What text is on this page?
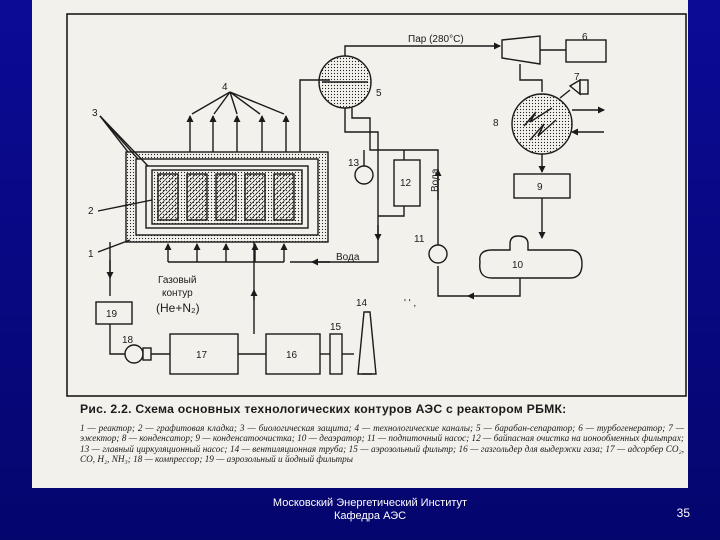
Пар (280°С)
Вода
Вода
Газовый
контур
(He+N₂)	' ' ,
1
2
3
4
5
6
7
8
9
10
11
12
13
14
15
16
17
18
19
Рис. 2.2. Схема основных технологических контуров АЭС с реактором РБМК:
1 — реактор; 2 — графитовая кладка; 3 — биологическая защита; 4 — технологические каналы; 5 — барабан-сепаратор; 6 — турбогенератор; 7 — эжектор; 8 — конденсатор; 9 — конденсатоочистка; 10 — деаэратор; 11 — подпиточный насос; 12 — байпасная очистка на ионообменных фильтрах; 13 — главный циркуляционный насос; 14 — вентиляционная труба; 15 — аэрозольный фильтр; 16 — газгольдер для выдержки газа; 17 — адсорбер CO₂, CO, H₂, NH₃; 18 — компрессор; 19 — аэрозольный и йодный фильтры
Московский Энергетический Институт
Кафедра АЭС	35
